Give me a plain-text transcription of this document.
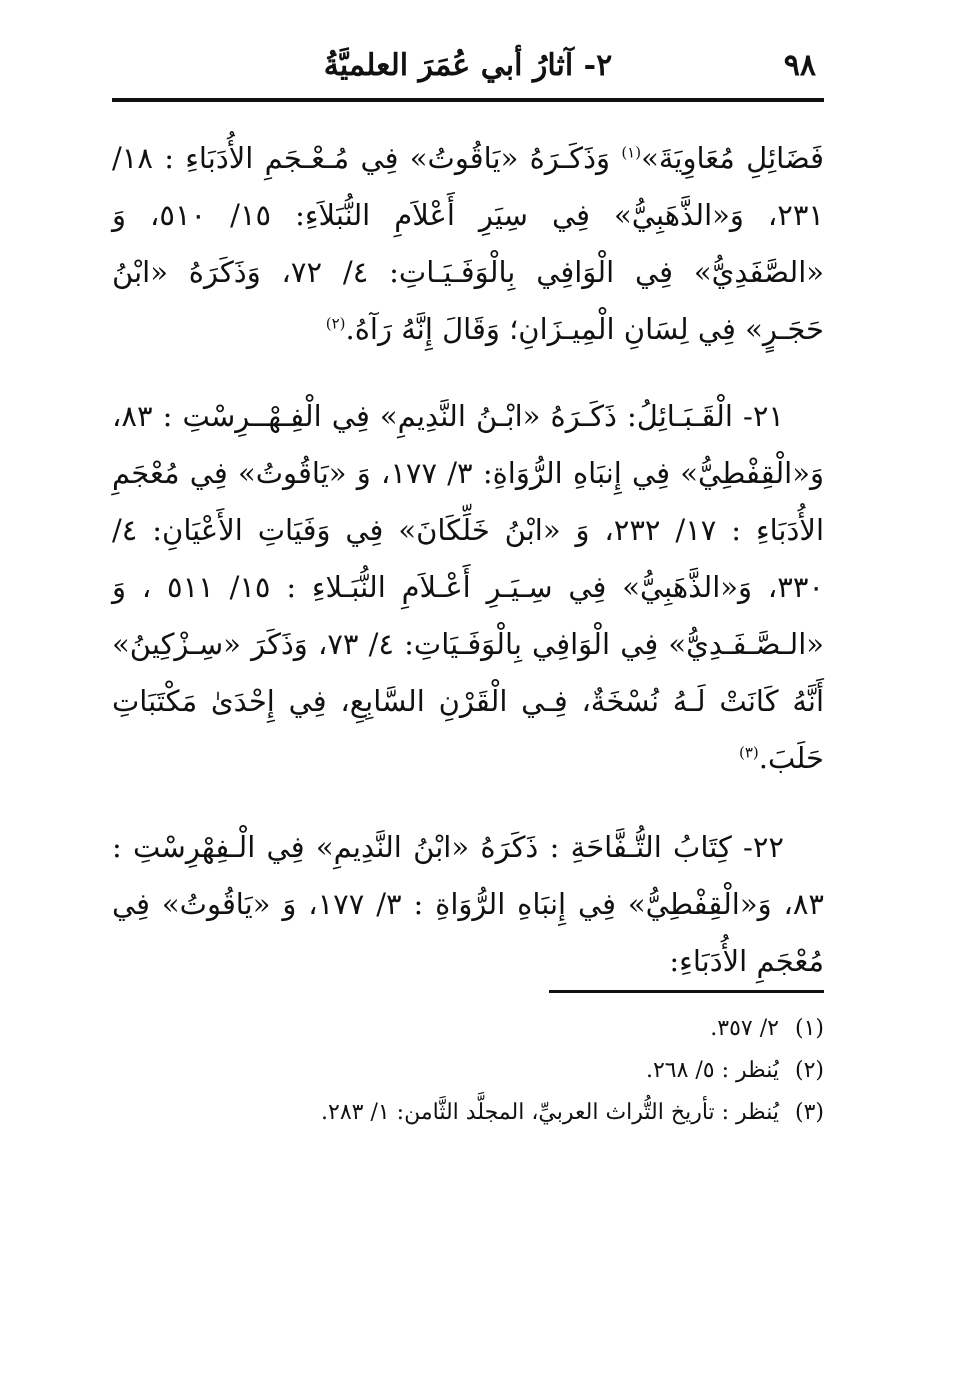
٩٨
٢- آثارُ أبي عُمَرَ العلميَّةُ

فَضَائِلِ مُعَاوِيَةَ»$^{(١)}$ وَذَكَـرَهُ «يَاقُوتُ» فِي مُـعْـجَمِ الأُدَبَاءِ : ١٨/ ٢٣١، وَ«الذَّهَبِيُّ» فِي سِيَرِ أَعْلاَمِ النُّبَلاَءِ: ١٥/ ٥١٠، وَ «الصَّفَدِيُّ» فِي الْوَافِي بِالْوَفَـيَـاتِ: ٤/ ٧٢، وَذَكَرَهُ «ابْنُ حَجَـرٍ» فِي لِسَانِ الْمِيـزَانِ؛ وَقَالَ إِنَّهُ رَآهُ.$^{(٢)}$

٢١- الْقَـبَـائِلُ: ذَكَـرَهُ «ابْـنُ النَّدِيمِ» فِي الْفِـهْــرِسْتِ : ٨٣، وَ«الْقِفْطِيُّ» فِي إِنبَاهِ الرُّوَاةِ: ٣/ ١٧٧، وَ «يَاقُوتُ» فِي مُعْجَمِ الأُدَبَاءِ : ١٧/ ٢٣٢، وَ «ابْنُ خَلِّكَانَ» فِي وَفَيَاتِ الأَعْيَانِ: ٤/ ٣٣٠، وَ«الذَّهَبِيُّ» فِي سِـيَـرِ أَعْـلاَمِ النُّبَـلاءِ : ١٥/ ٥١١ ، وَ «الـصَّـفَـدِيُّ» فِي الْوَافِي بِالْوَفَـيَاتِ: ٤/ ٧٣، وَذَكَرَ «سِـزْكِينُ» أَنَّهُ كَانَتْ لَـهُ نُسْخَةٌ، فِـي الْقَرْنِ السَّابِعِ، فِي إِحْدَىٰ مَكْتَبَاتِ حَلَبَ.$^{(٣)}$

٢٢- كِتَابُ التُّـفَّاحَةِ : ذَكَرَهُ «ابْنُ النَّدِيمِ» فِي الْـفِهْرِسْتِ : ٨٣، وَ«الْقِفْطِيُّ» فِي إِنبَاهِ الرُّوَاةِ : ٣/ ١٧٧، وَ «يَاقُوتُ» فِي مُعْجَمِ الأُدَبَاءِ:

(١)٢/ ٣٥٧.
(٢)يُنظر : ٥/ ٢٦٨.
(٣)يُنظر : تأريخ التُّراث العربيِّ، المجلَّد الثَّامن: ١/ ٢٨٣.
